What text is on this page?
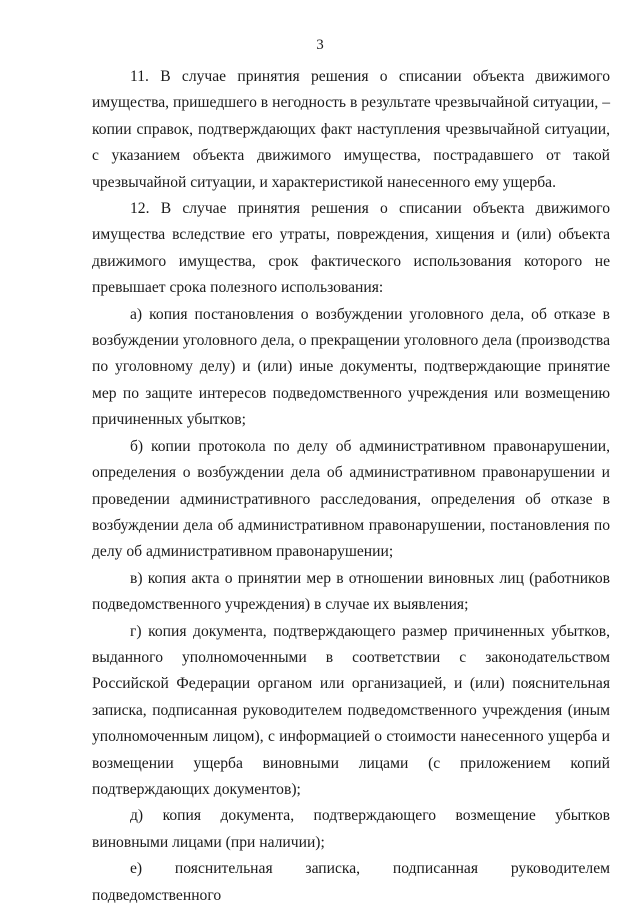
3

11. В случае принятия решения о списании объекта движимого имущества, пришедшего в негодность в результате чрезвычайной ситуации, – копии справок, подтверждающих факт наступления чрезвычайной ситуации, с указанием объекта движимого имущества, пострадавшего от такой чрезвычайной ситуации, и характеристикой нанесенного ему ущерба.

12. В случае принятия решения о списании объекта движимого имущества вследствие его утраты, повреждения, хищения и (или) объекта движимого имущества, срок фактического использования которого не превышает срока полезного использования:

а) копия постановления о возбуждении уголовного дела, об отказе в возбуждении уголовного дела, о прекращении уголовного дела (производства по уголовному делу) и (или) иные документы, подтверждающие принятие мер по защите интересов подведомственного учреждения или возмещению причиненных убытков;

б) копии протокола по делу об административном правонарушении, определения о возбуждении дела об административном правонарушении и проведении административного расследования, определения об отказе в возбуждении дела об административном правонарушении, постановления по делу об административном правонарушении;

в) копия акта о принятии мер в отношении виновных лиц (работников подведомственного учреждения) в случае их выявления;

г) копия документа, подтверждающего размер причиненных убытков, выданного уполномоченными в соответствии с законодательством Российской Федерации органом или организацией, и (или) пояснительная записка, подписанная руководителем подведомственного учреждения (иным уполномоченным лицом), с информацией о стоимости нанесенного ущерба и возмещении ущерба виновными лицами (с приложением копий подтверждающих документов);

д) копия документа, подтверждающего возмещение убытков виновными лицами (при наличии);

е) пояснительная записка, подписанная руководителем подведомственного
